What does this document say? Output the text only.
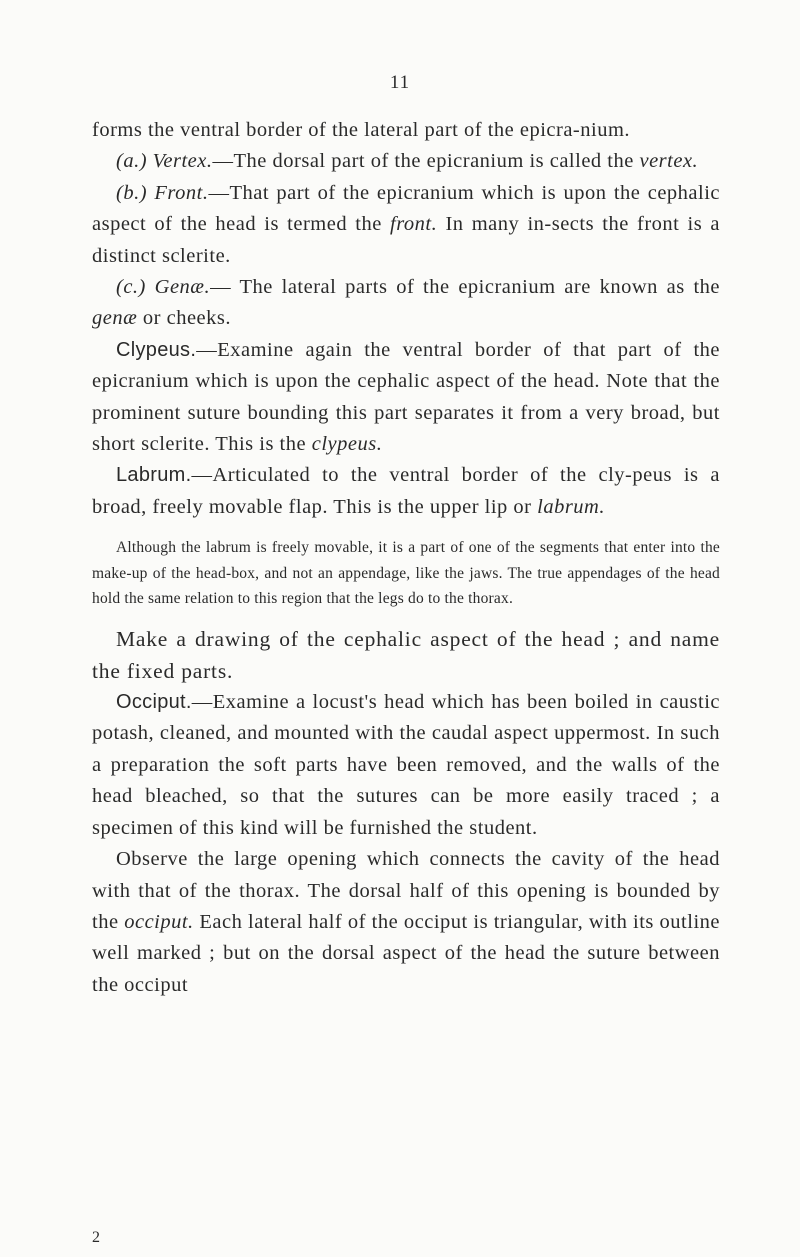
11

forms the ventral border of the lateral part of the epicra-nium.

(a.) Vertex.—The dorsal part of the epicranium is called the vertex.

(b.) Front.—That part of the epicranium which is upon the cephalic aspect of the head is termed the front. In many in-sects the front is a distinct sclerite.

(c.) Genæ.— The lateral parts of the epicranium are known as the genæ or cheeks.

Clypeus.—Examine again the ventral border of that part of the epicranium which is upon the cephalic aspect of the head. Note that the prominent suture bounding this part separates it from a very broad, but short sclerite. This is the clypeus.

Labrum.—Articulated to the ventral border of the cly-peus is a broad, freely movable flap. This is the upper lip or labrum.

Although the labrum is freely movable, it is a part of one of the segments that enter into the make-up of the head-box, and not an appendage, like the jaws. The true appendages of the head hold the same relation to this region that the legs do to the thorax.

Make a drawing of the cephalic aspect of the head ; and name the fixed parts.

Occiput.—Examine a locust's head which has been boiled in caustic potash, cleaned, and mounted with the caudal aspect uppermost. In such a preparation the soft parts have been removed, and the walls of the head bleached, so that the sutures can be more easily traced ; a specimen of this kind will be furnished the student.

Observe the large opening which connects the cavity of the head with that of the thorax. The dorsal half of this opening is bounded by the occiput. Each lateral half of the occiput is triangular, with its outline well marked ; but on the dorsal aspect of the head the suture between the occiput

2
